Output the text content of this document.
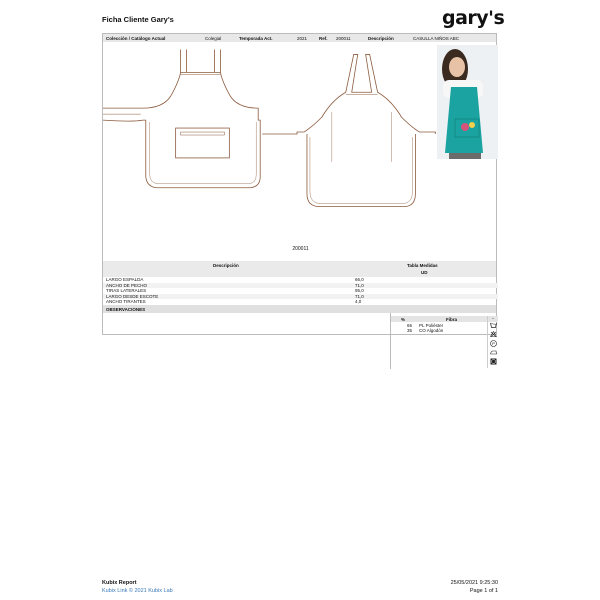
Ficha Cliente Gary's	gary's
Colección / Catálogo Actual	Colegial	Temporada Act.	2021	Ref. 200011	Descripción	CASULLA NIÑOS ABC
200011
Descripción	Tabla Medidas
UD
LARGO ESPALDA	66,0
ANCHO DE PECHO	71,0
TIRAS LATERALES	95,0
LARGO DESDE ESCOTE	71,0
ANCHO TIRANTES	4,0
OBSERVACIONES
%	Fibra
65 PL Poliéster
35 CO Algodón
-
P
Kubix Report
Kubix Link © 2021 Kubix Lab
25/05/2021 9:25:30
Page 1 of 1
